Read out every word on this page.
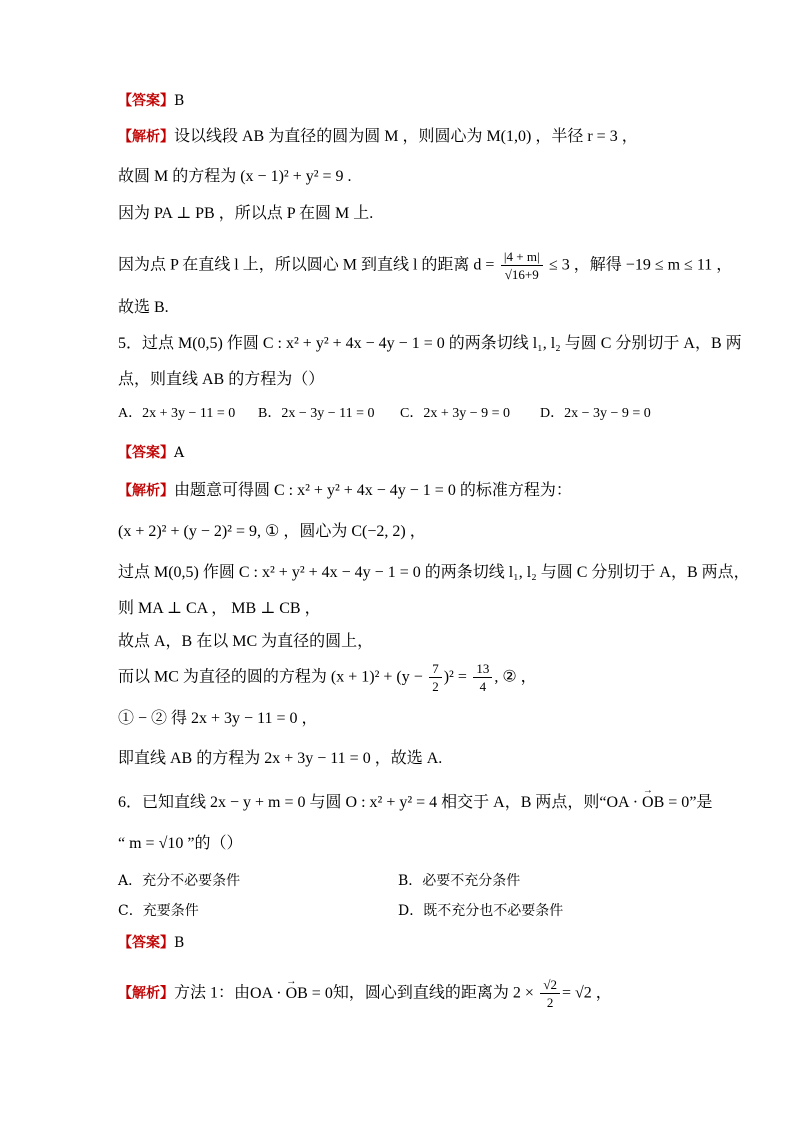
【答案】B
【解析】设以线段 AB 为直径的圆为圆 M ，则圆心为 M(1,0) ，半径 r = 3 ，
故圆 M 的方程为 (x − 1)² + y² = 9 .
因为 PA ⊥ PB ，所以点 P 在圆 M 上.
因为点 P 在直线 l 上，所以圆心 M 到直线 l 的距离 $d = \frac{|4 + m|}{√16+9} \le 3$ ，解得 −19 ≤ m ≤ 11 ，
故选 B.
5．过点 M(0,5) 作圆 C : x² + y² + 4x − 4y − 1 = 0 的两条切线 l₁, l₂ 与圆 C 分别切于 A，B 两
点，则直线 AB 的方程为（）
A．2x + 3y − 11 = 0 B．2x − 3y − 11 = 0 C．2x + 3y − 9 = 0 D．2x − 3y − 9 = 0
【答案】A
【解析】由题意可得圆 C : x² + y² + 4x − 4y − 1 = 0 的标准方程为：
(x + 2)² + (y − 2)² = 9, ① ，圆心为 C(−2, 2) ，
过点 M(0,5) 作圆 C : x² + y² + 4x − 4y − 1 = 0 的两条切线 l₁, l₂ 与圆 C 分别切于 A，B 两点，
则 MA ⊥ CA ， MB ⊥ CB ，
故点 A，B 在以 MC 为直径的圆上，
而以 MC 为直径的圆的方程为 $(x + 1)^2 + (y - \frac{7}{2} )^2 = \frac{13}{4}$ , ② ，
① − ② 得 2x + 3y − 11 = 0 ，
即直线 AB 的方程为 2x + 3y − 11 = 0 ，故选 A.
6．已知直线 2x − y + m = 0 与圆 O : x² + y² = 4 相交于 A，B 两点，则“→ OA · OB = 0”是
“ m = √10 ”的（）
A．充分不必要条件	B．必要不充分条件
C．充要条件	D．既不充分也不必要条件
【答案】B
【解析】方法 1：由→ OA · OB = 0知，圆心到直线的距离为 $2 \times \frac{√2}{2} = √2$ ，
